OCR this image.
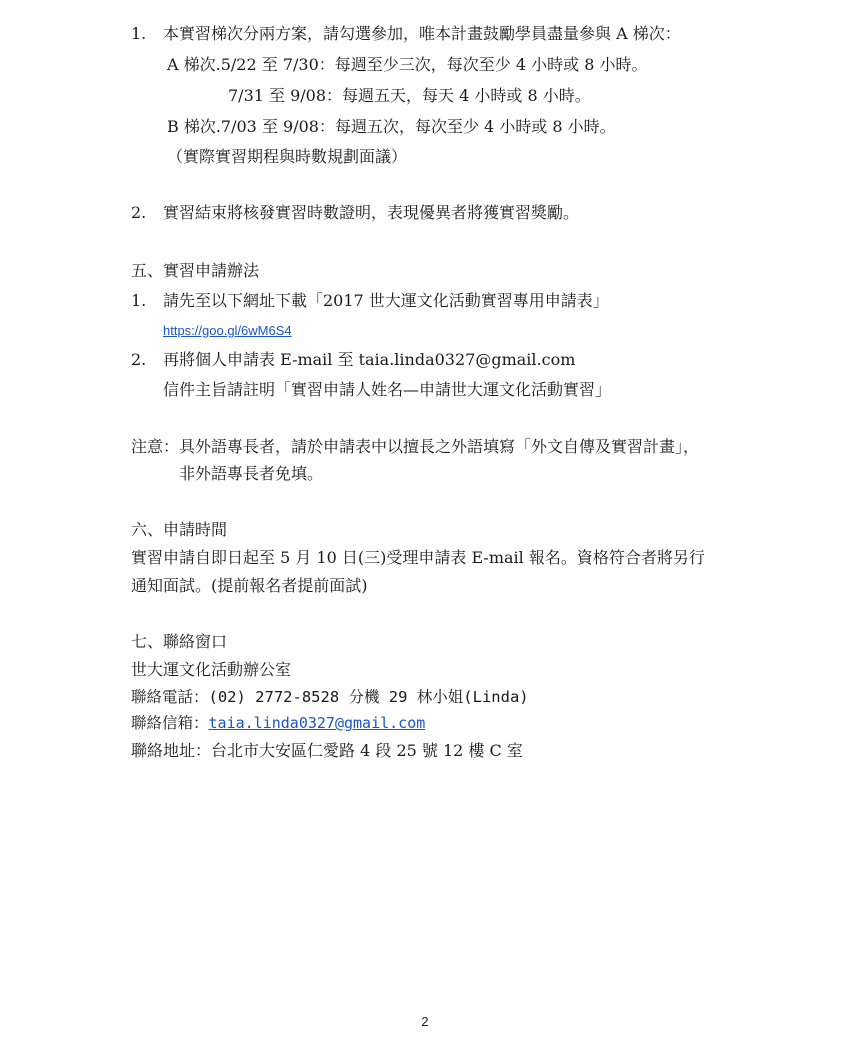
1. 本實習梯次分兩方案，請勾選參加，唯本計畫鼓勵學員盡量參與 A 梯次：
A 梯次.5/22 至 7/30：每週至少三次，每次至少 4 小時或 8 小時。
7/31 至 9/08：每週五天，每天 4 小時或 8 小時。
B 梯次.7/03 至 9/08：每週五次，每次至少 4 小時或 8 小時。
（實際實習期程與時數規劃面議）
2. 實習結束將核發實習時數證明，表現優異者將獲實習獎勵。
五、實習申請辦法
1. 請先至以下網址下載「2017 世大運文化活動實習專用申請表」
https://goo.gl/6wM6S4
2. 再將個人申請表 E-mail 至 taia.linda0327@gmail.com
信件主旨請註明「實習申請人姓名—申請世大運文化活動實習」
注意：具外語專長者，請於申請表中以擅長之外語填寫「外文自傳及實習計畫」，
非外語專長者免填。
六、申請時間
實習申請自即日起至 5 月 10 日(三)受理申請表 E-mail 報名。資格符合者將另行
通知面試。(提前報名者提前面試)
七、聯絡窗口
世大運文化活動辦公室
聯絡電話：(02) 2772-8528 分機 29 林小姐(Linda)
聯絡信箱：taia.linda0327@gmail.com
聯絡地址：台北市大安區仁愛路 4 段 25 號 12 樓 C 室
2
